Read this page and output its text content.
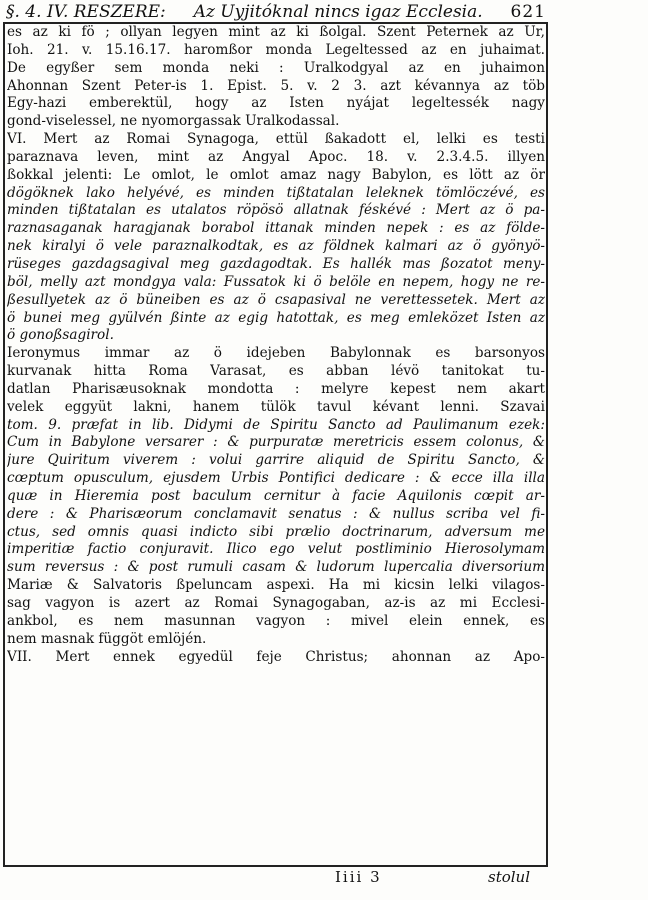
§. 4. IV. RESZERE: Az Uyjitóknal nincs igaz Ecclesia. 621
es az ki fö ; ollyan legyen mint az ki ßolgal. Szent Peternek az Ur,
Ioh. 21. v. 15.16.17. haromßor monda Legeltessed az en juhaimat.
De egyßer sem monda neki : Uralkodgyal az en juhaimon
Ahonnan Szent Peter-is 1. Epist. 5. v. 2 3. azt kévannya az töb
Egy-hazi emberektül, hogy az Isten nyájat legeltessék nagy
gond-viselessel, ne nyomorgassak Uralkodassal.
VI. Mert az Romai Synagoga, ettül ßakadott el, lelki es testi
paraznava leven, mint az Angyal Apoc. 18. v. 2.3.4.5. illyen
ßokkal jelenti: Le omlot, le omlot amaz nagy Babylon, es lött az ör
dögöknek lako helyévé, es minden tißtatalan leleknek tömlöczévé, es
minden tißtatalan es utalatos röpösö allatnak féskévé : Mert az ö pa-
raznasaganak haragjanak borabol ittanak minden nepek : es az földe-
nek kiralyi ö vele paraznalkodtak, es az földnek kalmari az ö gyönyö-
rüseges gazdagsagival meg gazdagodtak. Es hallék mas ßozatot meny-
böl, melly azt mondgya vala: Fussatok ki ö belöle en nepem, hogy ne re-
ßesullyetek az ö büneiben es az ö csapasival ne verettessetek. Mert az
ö bunei meg gyülvén ßinte az egig hatottak, es meg emleközet Isten az
ö gonoßsagirol.
Ieronymus immar az ö idejeben Babylonnak es barsonyos
kurvanak hitta Roma Varasat, es abban lévö tanitokat tu-
datlan Pharisæusoknak mondotta : melyre kepest nem akart
velek eggyüt lakni, hanem tülök tavul kévant lenni. Szavai
tom. 9. præfat in lib. Didymi de Spiritu Sancto ad Paulimanum ezek:
Cum in Babylone versarer : & purpuratæ meretricis essem colonus, &
jure Quiritum viverem : volui garrire aliquid de Spiritu Sancto, &
cœptum opusculum, ejusdem Urbis Pontifici dedicare : & ecce illa illa
quæ in Hieremia post baculum cernitur à facie Aquilonis cœpit ar-
dere : & Pharisæorum conclamavit senatus : & nullus scriba vel fi-
ctus, sed omnis quasi indicto sibi prælio doctrinarum, adversum me
imperitiæ factio conjuravit. Ilico ego velut postliminio Hierosolymam
sum reversus : & post rumuli casam & ludorum lupercalia diversorium
Mariæ & Salvatoris ßpeluncam aspexi. Ha mi kicsin lelki vilagos-
sag vagyon is azert az Romai Synagogaban, az-is az mi Ecclesi-
ankbol, es nem masunnan vagyon : mivel elein ennek, es
nem masnak függöt emlöjén.
VII. Mert ennek egyedül feje Christus; ahonnan az Apo-
Iiii 3	stolul
